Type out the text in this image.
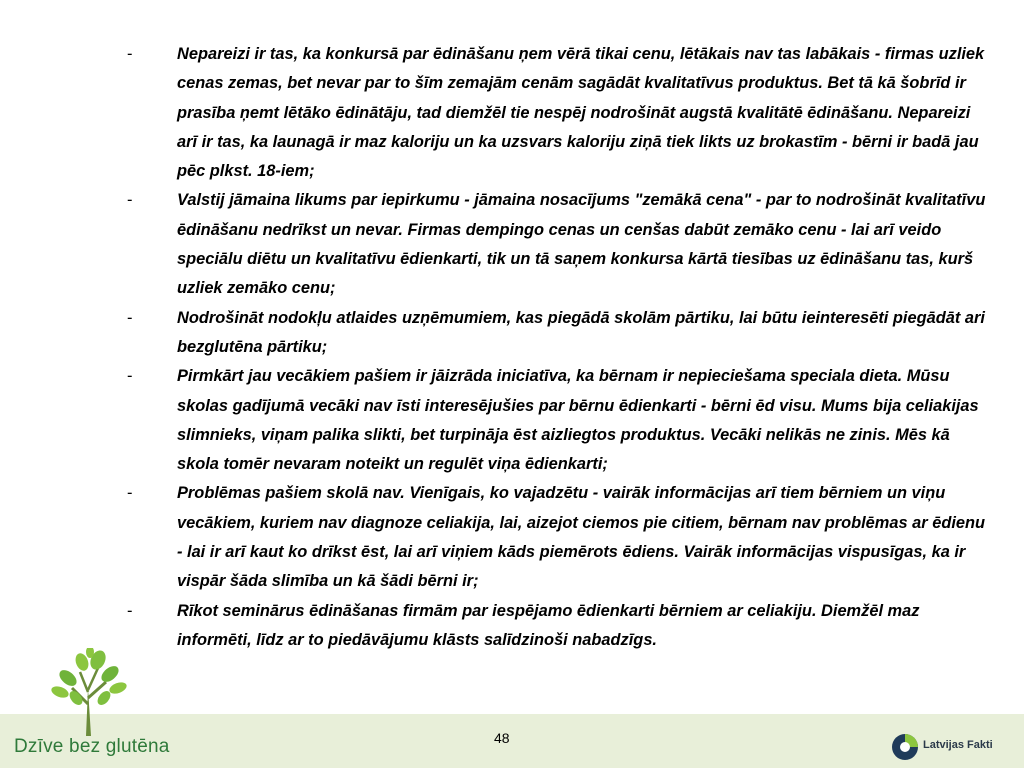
-	Nepareizi ir tas, ka konkursā par ēdināšanu ņem vērā tikai cenu, lētākais nav tas labākais - firmas uzliek cenas zemas, bet nevar par to šīm zemajām cenām sagādāt kvalitatīvus produktus. Bet tā kā šobrīd ir prasība ņemt lētāko ēdinātāju, tad diemžēl tie nespēj nodrošināt augstā kvalitātē ēdināšanu. Nepareizi arī ir tas, ka launagā ir maz kaloriju un ka uzsvars kaloriju ziņā tiek likts uz brokastīm - bērni ir badā jau pēc plkst. 18-iem;
-	Valstij jāmaina likums par iepirkumu - jāmaina nosacījums "zemākā cena" - par to nodrošināt kvalitatīvu ēdināšanu nedrīkst un nevar. Firmas dempingo cenas un cenšas dabūt zemāko cenu - lai arī veido speciālu diētu un kvalitatīvu ēdienkarti, tik un tā saņem konkursa kārtā tiesības uz ēdināšanu tas, kurš uzliek zemāko cenu;
-	Nodrošināt nodokļu atlaides uzņēmumiem, kas piegādā skolām pārtiku, lai būtu ieinteresēti piegādāt ari bezglutēna pārtiku;
-	Pirmkārt jau vecākiem pašiem ir jāizrāda iniciatīva, ka bērnam ir nepieciešama speciala dieta. Mūsu skolas gadījumā vecāki nav īsti interesējušies par bērnu ēdienkarti - bērni ēd visu. Mums bija celiakijas slimnieks, viņam palika slikti, bet turpināja ēst aizliegtos produktus. Vecāki nelikās ne zinis. Mēs kā skola tomēr nevaram noteikt un regulēt viņa ēdienkarti;
-	Problēmas pašiem skolā nav. Vienīgais, ko vajadzētu - vairāk informācijas arī tiem bērniem un viņu vecākiem, kuriem nav diagnoze celiakija, lai, aizejot ciemos pie citiem, bērnam nav problēmas ar ēdienu - lai ir arī kaut ko drīkst ēst, lai arī viņiem kāds piemērots ēdiens. Vairāk informācijas vispusīgas, ka ir vispār šāda slimība un kā šādi bērni ir;
-	Rīkot seminārus ēdināšanas firmām par iespējamo ēdienkarti bērniem ar celiakiju. Diemžēl maz informēti, līdz ar to piedāvājumu klāsts salīdzinoši nabadzīgs.
Dzīve bez glutēna	48	Latvijas Fakti
